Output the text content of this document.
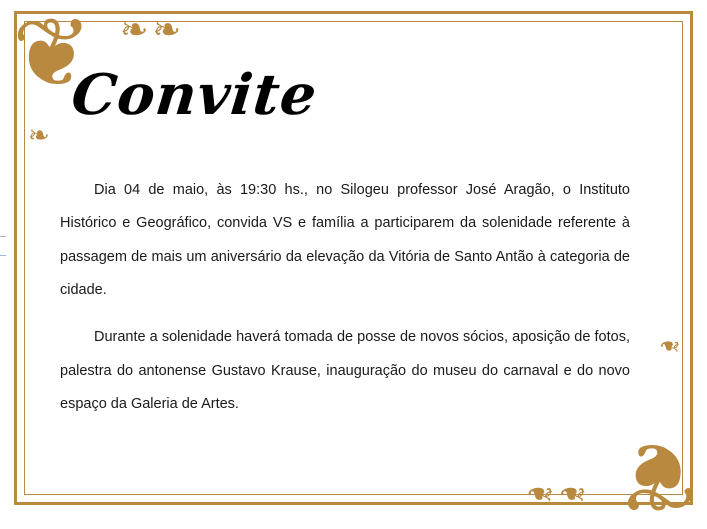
❦
❦
❧❧
❧❧
❧
❧
Convite

Dia 04 de maio, às 19:30 hs., no Silogeu professor José Aragão, o Instituto Histórico e Geográfico, convida VS e família a participarem da solenidade referente à passagem de mais um aniversário da elevação da Vitória de Santo Antão à categoria de cidade.

Durante a solenidade haverá tomada de posse de novos sócios, aposição de fotos, palestra do antonense Gustavo Krause, inauguração do museu do carnaval e do novo espaço da Galeria de Artes.
